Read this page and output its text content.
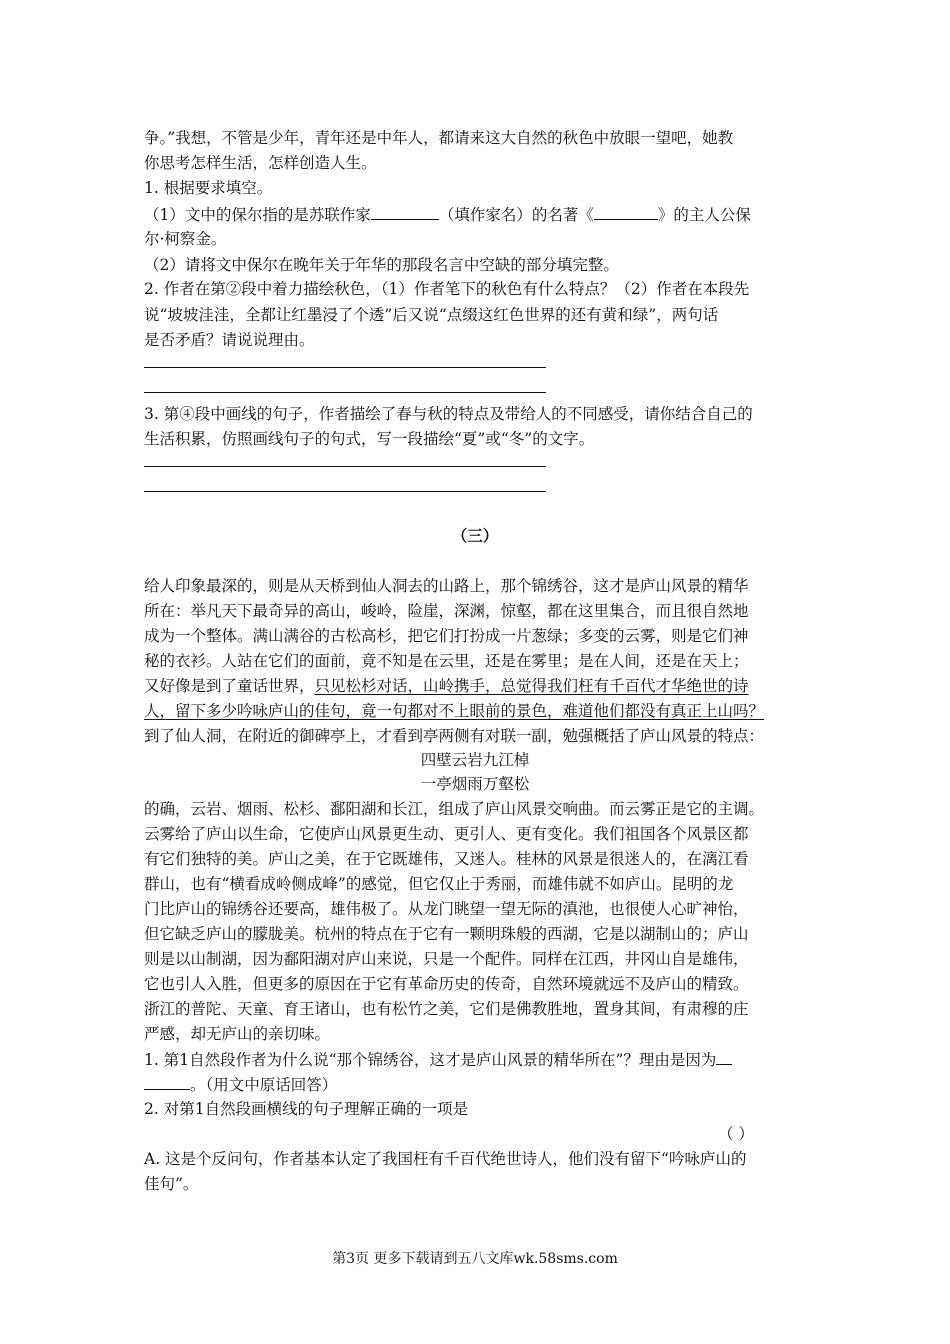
争。”我想，不管是少年，青年还是中年人，都请来这大自然的秋色中放眼一望吧，她教
你思考怎样生活，怎样创造人生。
1. 根据要求填空。
（1）文中的保尔指的是苏联作家	（填作家名）的名著《	》的主人公保
尔·柯察金。
（2）请将文中保尔在晚年关于年华的那段名言中空缺的部分填完整。
2. 作者在第②段中着力描绘秋色，（1）作者笔下的秋色有什么特点？（2）作者在本段先
说“坡坡洼洼，全都让红墨浸了个透”后又说“点缀这红色世界的还有黄和绿”，两句话
是否矛盾？请说说理由。
3. 第④段中画线的句子，作者描绘了春与秋的特点及带给人的不同感受，请你结合自己的
生活积累，仿照画线句子的句式，写一段描绘“夏”或“冬”的文字。
（三）
给人印象最深的，则是从天桥到仙人洞去的山路上，那个锦绣谷，这才是庐山风景的精华
所在：举凡天下最奇异的高山，峻岭，险崖，深渊，惊壑，都在这里集合，而且很自然地
成为一个整体。满山满谷的古松高杉，把它们打扮成一片葱绿；多变的云雾，则是它们神
秘的衣衫。人站在它们的面前，竟不知是在云里，还是在雾里；是在人间，还是在天上；
又好像是到了童话世界，只见松杉对话，山岭携手，总觉得我们枉有千百代才华绝世的诗
人，留下多少吟咏庐山的佳句，竟一句都对不上眼前的景色，难道他们都没有真正上山吗？
到了仙人洞，在附近的御碑亭上，才看到亭两侧有对联一副，勉强概括了庐山风景的特点：
四壁云岩九江棹
一亭烟雨万壑松
的确，云岩、烟雨、松杉、鄱阳湖和长江，组成了庐山风景交响曲。而云雾正是它的主调。
云雾给了庐山以生命，它使庐山风景更生动、更引人、更有变化。我们祖国各个风景区都
有它们独特的美。庐山之美，在于它既雄伟，又迷人。桂林的风景是很迷人的，在漓江看
群山，也有“横看成岭侧成峰”的感觉，但它仅止于秀丽，而雄伟就不如庐山。昆明的龙
门比庐山的锦绣谷还要高，雄伟极了。从龙门眺望一望无际的滇池，也很使人心旷神怡，
但它缺乏庐山的朦胧美。杭州的特点在于它有一颗明珠般的西湖，它是以湖制山的；庐山
则是以山制湖，因为鄱阳湖对庐山来说，只是一个配件。同样在江西，井冈山自是雄伟，
它也引人入胜，但更多的原因在于它有革命历史的传奇，自然环境就远不及庐山的精致。
浙江的普陀、天童、育王诸山，也有松竹之美，它们是佛教胜地，置身其间，有肃穆的庄
严感，却无庐山的亲切味。
1. 第1自然段作者为什么说“那个锦绣谷，这才是庐山风景的精华所在”？理由是因为
。（用文中原话回答）
2. 对第1自然段画横线的句子理解正确的一项是
（ ）
A. 这是个反问句，作者基本认定了我国枉有千百代绝世诗人，他们没有留下“吟咏庐山的
佳句”。
第3页 更多下载请到五八文库wk.58sms.com
